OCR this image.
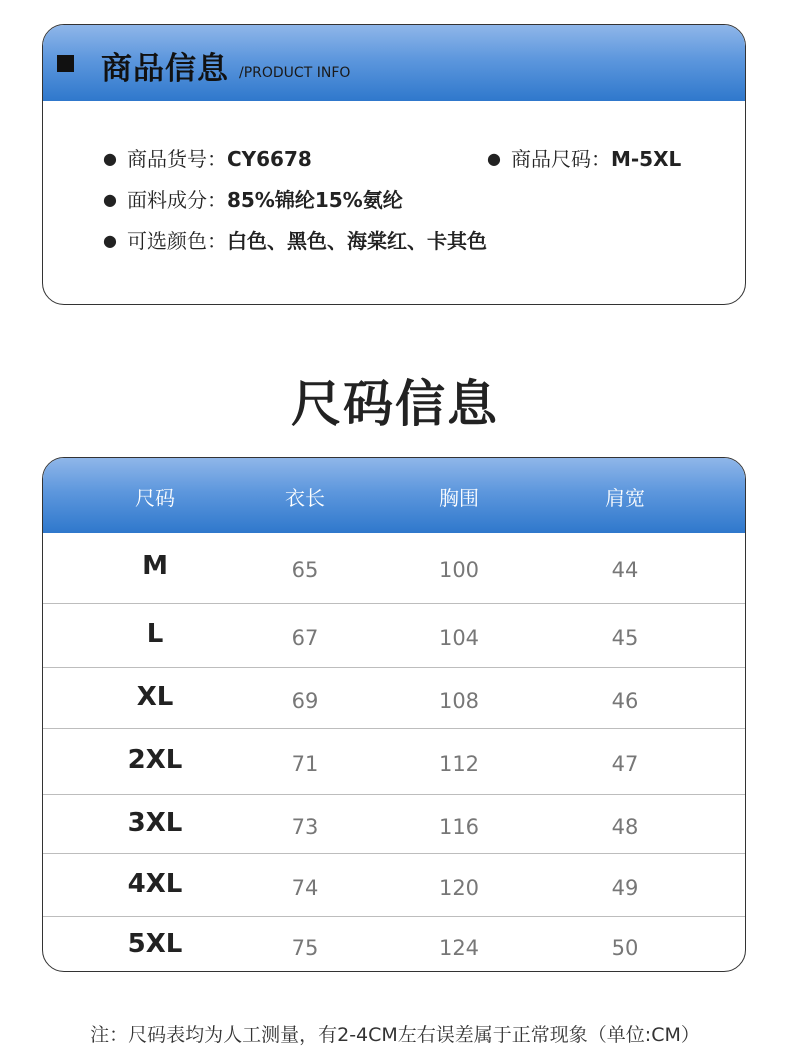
商品信息 /PRODUCT INFO
● 商品货号：CY6678	● 商品尺码：M-5XL
● 面料成分：85%锦纶15%氨纶
● 可选颜色：白色、黑色、海棠红、卡其色
尺码信息
尺码	衣长	胸围	肩宽
M	65	100	44
L	67	104	45
XL	69	108	46
2XL	71	112	47
3XL	73	116	48
4XL	74	120	49
5XL	75	124	50
注：尺码表均为人工测量，有2-4CM左右误差属于正常现象（单位:CM）
